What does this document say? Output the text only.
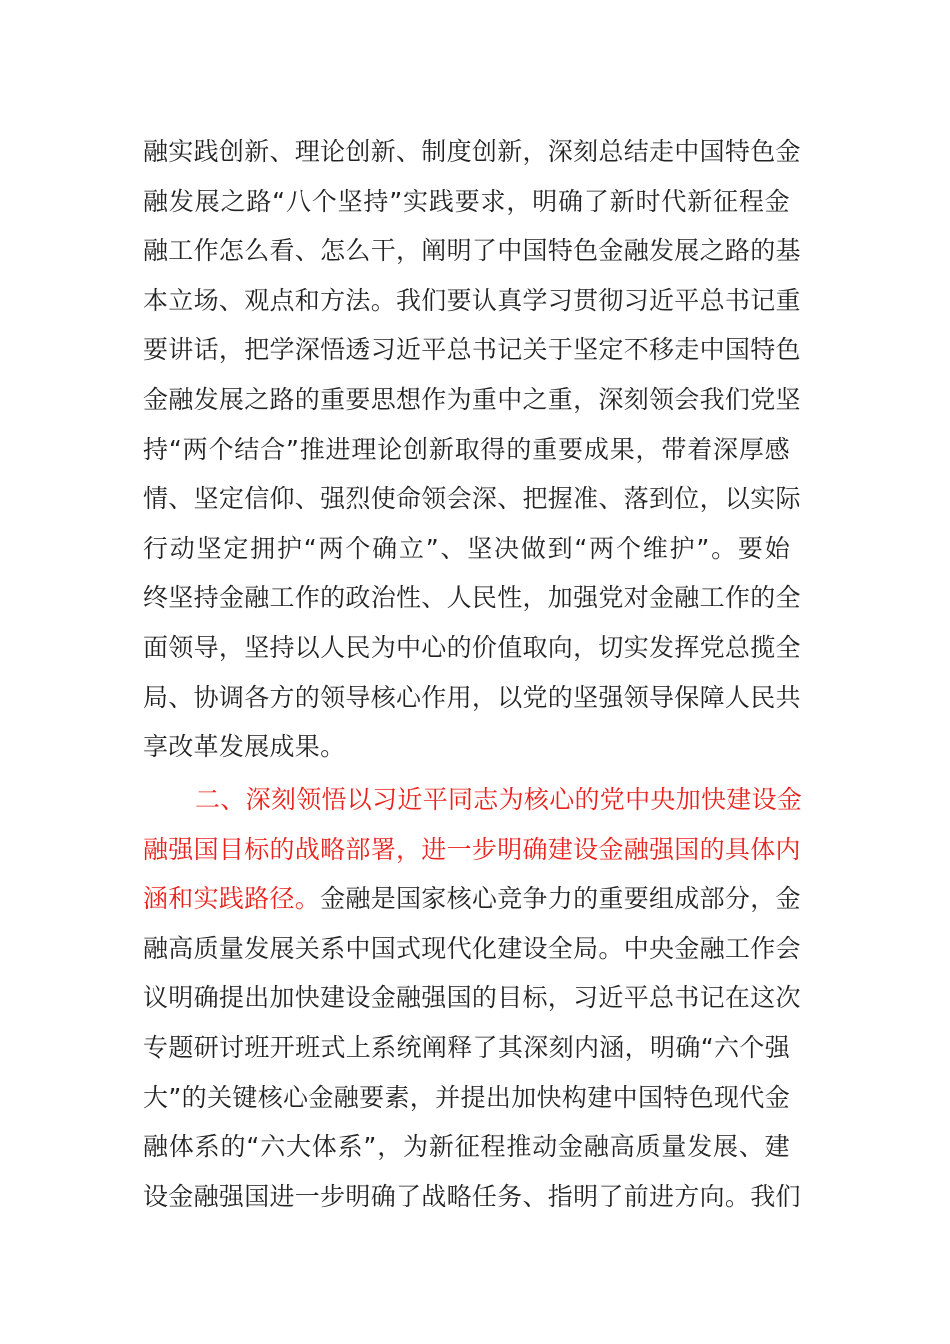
融实践创新、理论创新、制度创新，深刻总结走中国特色金
融发展之路“八个坚持”实践要求，明确了新时代新征程金
融工作怎么看、怎么干，阐明了中国特色金融发展之路的基
本立场、观点和方法。我们要认真学习贯彻习近平总书记重
要讲话，把学深悟透习近平总书记关于坚定不移走中国特色
金融发展之路的重要思想作为重中之重，深刻领会我们党坚
持“两个结合”推进理论创新取得的重要成果，带着深厚感
情、坚定信仰、强烈使命领会深、把握准、落到位，以实际
行动坚定拥护“两个确立”、坚决做到“两个维护”。要始
终坚持金融工作的政治性、人民性，加强党对金融工作的全
面领导，坚持以人民为中心的价值取向，切实发挥党总揽全
局、协调各方的领导核心作用，以党的坚强领导保障人民共
享改革发展成果。
二、深刻领悟以习近平同志为核心的党中央加快建设金
融强国目标的战略部署，进一步明确建设金融强国的具体内
涵和实践路径。金融是国家核心竞争力的重要组成部分，金
融高质量发展关系中国式现代化建设全局。中央金融工作会
议明确提出加快建设金融强国的目标，习近平总书记在这次
专题研讨班开班式上系统阐释了其深刻内涵，明确“六个强
大”的关键核心金融要素，并提出加快构建中国特色现代金
融体系的“六大体系”，为新征程推动金融高质量发展、建
设金融强国进一步明确了战略任务、指明了前进方向。我们
